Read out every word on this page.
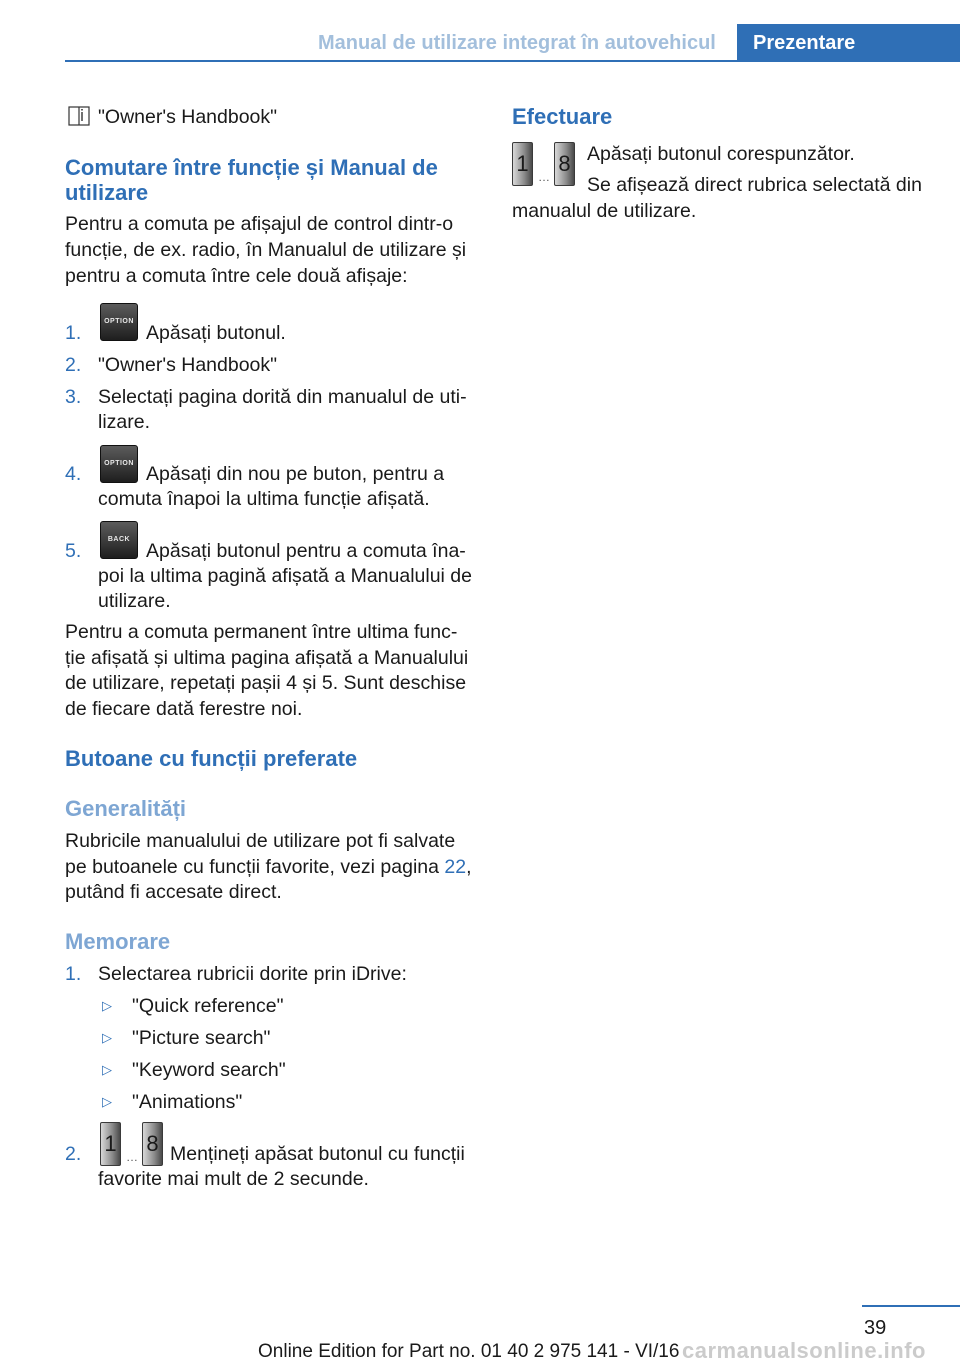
Manual de utilizare integrat în autovehicul	Prezentare
"Owner's Handbook"
Comutare între funcție și Manual de
utilizare
Pentru a comuta pe afișajul de control dintr-o
funcție, de ex. radio, în Manualul de utilizare și
pentru a comuta între cele două afișaje:
1.
OPTION
Apăsați butonul.
2. "Owner's Handbook"
3. Selectați pagina dorită din manualul de uti-
lizare.
4.	OPTION Apăsați din nou pe buton, pentru a
comuta înapoi la ultima funcție afișată.
5.
BACK
Apăsați butonul pentru a comuta îna-
poi la ultima pagină afișată a Manualului de
utilizare.
Pentru a comuta permanent între ultima func-
ție afișată și ultima pagina afișată a Manualului
de utilizare, repetați pașii 4 și 5. Sunt deschise
de fiecare dată ferestre noi.
Butoane cu funcții preferate
Generalități
Rubricile manualului de utilizare pot fi salvate
pe butoanele cu funcții favorite, vezi pagina 22,
putând fi accesate direct.
Memorare
1. Selectarea rubricii dorite prin iDrive:
▷ "Quick reference"
▷ "Picture search"
▷ "Keyword search"
▷ "Animations"
2. 1
…
8 Mențineți apăsat butonul cu funcții
favorite mai mult de 2 secunde.
Efectuare
1
…
8 Apăsați butonul corespunzător.
Se afișează direct rubrica selectată din
manualul de utilizare.
39
Online Edition for Part no. 01 40 2 975 141 - VI/16 carmanualsonline.info
